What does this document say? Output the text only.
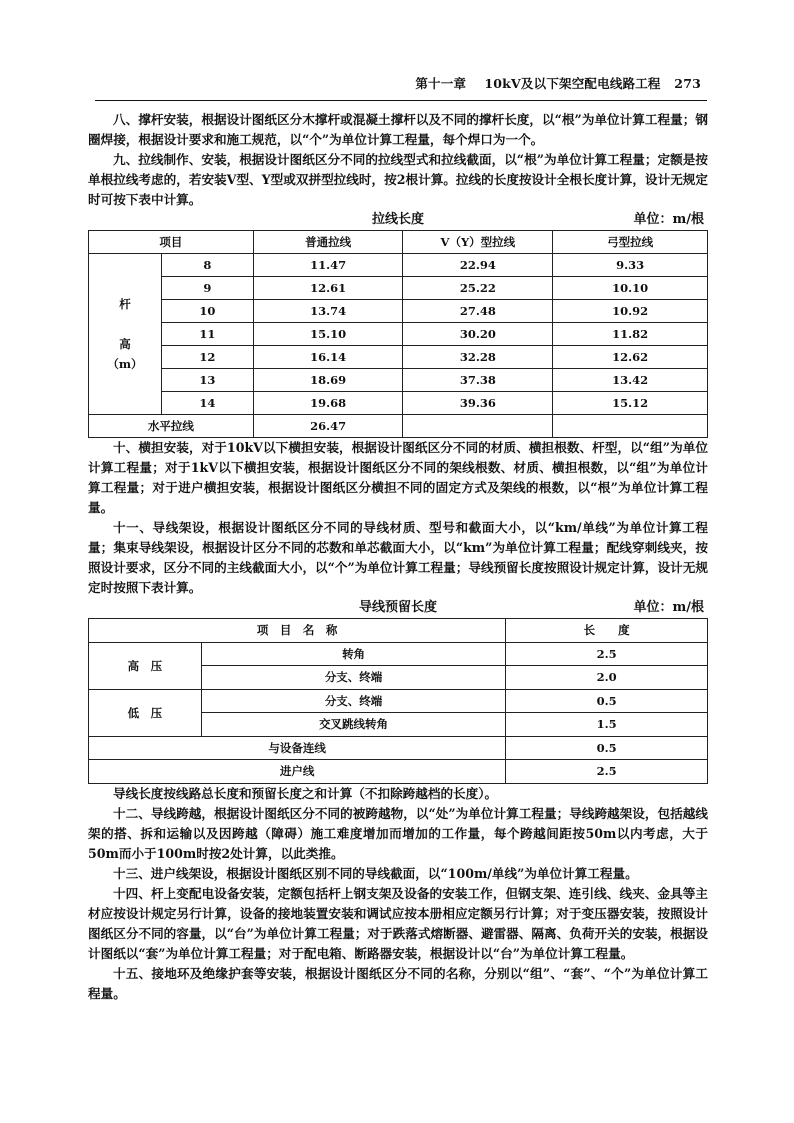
第十一章 10kV及以下架空配电线路工程 273

八、撑杆安装，根据设计图纸区分木撑杆或混凝土撑杆以及不同的撑杆长度，以“根”为单位计算工程量；钢圈焊接，根据设计要求和施工规范，以“个”为单位计算工程量，每个焊口为一个。

九、拉线制作、安装，根据设计图纸区分不同的拉线型式和拉线截面，以“根”为单位计算工程量；定额是按单根拉线考虑的，若安装V型、Y型或双拼型拉线时，按2根计算。拉线的长度按设计全根长度计算，设计无规定时可按下表中计算。

拉线长度	单位：m/根
项目		普通拉线	V（Y）型拉线	弓型拉线
杆

高
（m）	8	11.47	22.94	9.33
	9	12.61	25.22	10.10
	10	13.74	27.48	10.92
	11	15.10	30.20	11.82
	12	16.14	32.28	12.62
	13	18.69	37.38	13.42
	14	19.68	39.36	15.12
水平拉线		26.47		

十、横担安装，对于10kV以下横担安装，根据设计图纸区分不同的材质、横担根数、杆型，以“组”为单位计算工程量；对于1kV以下横担安装，根据设计图纸区分不同的架线根数、材质、横担根数，以“组”为单位计算工程量；对于进户横担安装，根据设计图纸区分横担不同的固定方式及架线的根数，以“根”为单位计算工程量。

十一、导线架设，根据设计图纸区分不同的导线材质、型号和截面大小，以“km/单线”为单位计算工程量；集束导线架设，根据设计区分不同的芯数和单芯截面大小，以“km”为单位计算工程量；配线穿刺线夹，按照设计要求，区分不同的主线截面大小，以“个”为单位计算工程量；导线预留长度按照设计规定计算，设计无规定时按照下表计算。

导线预留长度	单位：m/根
项　目　名　称		长　　度
高　压	转角	2.5
	分支、终端	2.0
低　压	分支、终端	0.5
	交叉跳线转角	1.5
与设备连线		0.5
进户线		2.5

导线长度按线路总长度和预留长度之和计算（不扣除跨越档的长度）。

十二、导线跨越，根据设计图纸区分不同的被跨越物，以“处”为单位计算工程量；导线跨越架设，包括越线架的搭、拆和运输以及因跨越（障碍）施工难度增加而增加的工作量，每个跨越间距按50m以内考虑，大于50m而小于100m时按2处计算，以此类推。

十三、进户线架设，根据设计图纸区别不同的导线截面，以“100m/单线”为单位计算工程量。

十四、杆上变配电设备安装，定额包括杆上钢支架及设备的安装工作，但钢支架、连引线、线夹、金具等主材应按设计规定另行计算，设备的接地装置安装和调试应按本册相应定额另行计算；对于变压器安装，按照设计图纸区分不同的容量，以“台”为单位计算工程量；对于跌落式熔断器、避雷器、隔离、负荷开关的安装，根据设计图纸以“套”为单位计算工程量；对于配电箱、断路器安装，根据设计以“台”为单位计算工程量。

十五、接地环及绝缘护套等安装，根据设计图纸区分不同的名称，分别以“组”、“套”、“个”为单位计算工程量。
